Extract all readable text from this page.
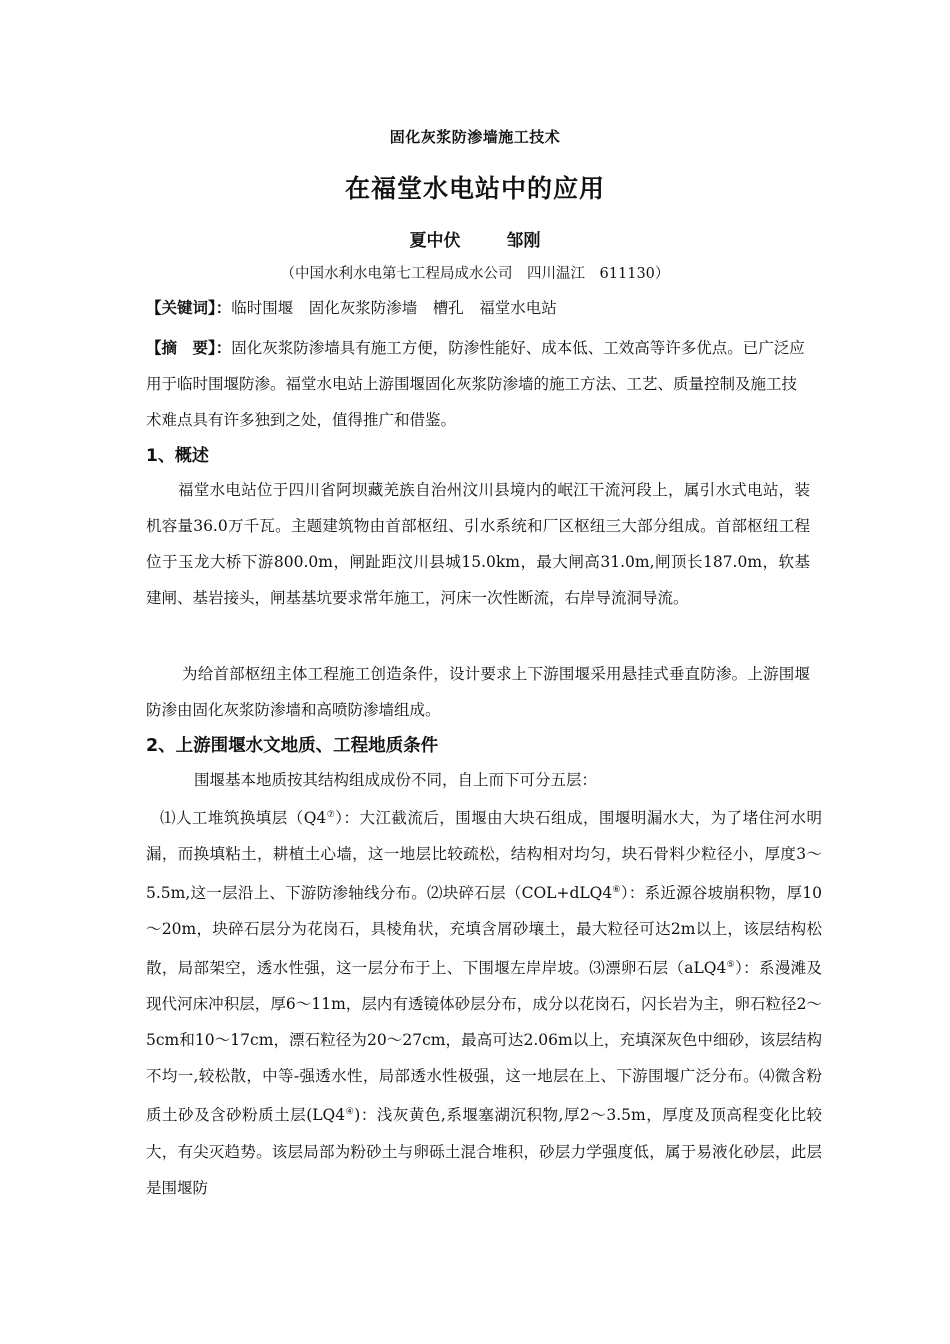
固化灰浆防渗墙施工技术
在福堂水电站中的应用
夏中伏	邹刚
（中国水利水电第七工程局成水公司　四川温江　611130）
【关键词】：临时围堰　固化灰浆防渗墙　槽孔　福堂水电站
【摘　要】：固化灰浆防渗墙具有施工方便，防渗性能好、成本低、工效高等许多优点。已广泛应用于临时围堰防渗。福堂水电站上游围堰固化灰浆防渗墙的施工方法、工艺、质量控制及施工技术难点具有许多独到之处，值得推广和借鉴。
1、概述
福堂水电站位于四川省阿坝藏羌族自治州汶川县境内的岷江干流河段上，属引水式电站，装机容量36.0万千瓦。主题建筑物由首部枢纽、引水系统和厂区枢纽三大部分组成。首部枢纽工程位于玉龙大桥下游800.0m，闸趾距汶川县城15.0km，最大闸高31.0m,闸顶长187.0m，软基建闸、基岩接头，闸基基坑要求常年施工，河床一次性断流，右岸导流洞导流。
为给首部枢纽主体工程施工创造条件，设计要求上下游围堰采用悬挂式垂直防渗。上游围堰防渗由固化灰浆防渗墙和高喷防渗墙组成。
2、上游围堰水文地质、工程地质条件
围堰基本地质按其结构组成成份不同，自上而下可分五层：
⑴人工堆筑换填层（Q4⑦）：大江截流后，围堰由大块石组成，围堰明漏水大，为了堵住河水明漏，而换填粘土，耕植土心墙，这一地层比较疏松，结构相对均匀，块石骨料少粒径小，厚度3～5.5m,这一层沿上、下游防渗轴线分布。⑵块碎石层（COL+dLQ4⑥）：系近源谷坡崩积物，厚10～20m，块碎石层分为花岗石，具棱角状，充填含屑砂壤土，最大粒径可达2m以上，该层结构松散，局部架空，透水性强，这一层分布于上、下围堰左岸岸坡。⑶漂卵石层（aLQ4⑤）：系漫滩及现代河床冲积层，厚6～11m，层内有透镜体砂层分布，成分以花岗石，闪长岩为主，卵石粒径2～5cm和10～17cm，漂石粒径为20～27cm，最高可达2.06m以上，充填深灰色中细砂，该层结构不均一,较松散，中等-强透水性，局部透水性极强，这一地层在上、下游围堰广泛分布。⑷微含粉质土砂及含砂粉质土层(LQ4④)：浅灰黄色,系堰塞湖沉积物,厚2～3.5m，厚度及顶高程变化比较大，有尖灭趋势。该层局部为粉砂土与卵砾土混合堆积，砂层力学强度低，属于易液化砂层，此层是围堰防
